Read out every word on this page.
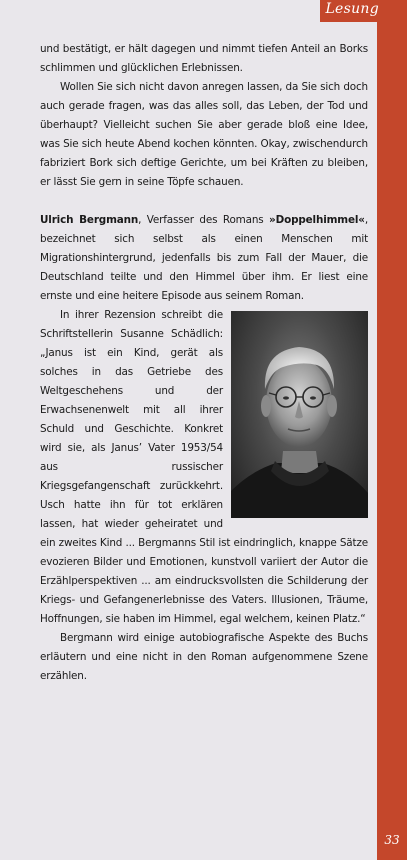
Lesung

und bestätigt, er hält dagegen und nimmt tiefen Anteil an Borks schlimmen und glücklichen Erlebnissen.

Wollen Sie sich nicht davon anregen lassen, da Sie sich doch auch gerade fragen, was das alles soll, das Leben, der Tod und überhaupt? Vielleicht suchen Sie aber gerade bloß eine Idee, was Sie sich heute Abend kochen könnten. Okay, zwischendurch fabriziert Bork sich deftige Gerichte, um bei Kräften zu bleiben, er lässt Sie gern in seine Töpfe schauen.

Ulrich Bergmann, Verfasser des Romans »Doppelhimmel«, bezeichnet sich selbst als einen Menschen mit Migrationshintergrund, jedenfalls bis zum Fall der Mauer, die Deutschland teilte und den Himmel über ihm. Er liest eine ernste und eine heitere Episode aus seinem Roman.

In ihrer Rezension schreibt die Schriftstellerin Susanne Schädlich: „Janus ist ein Kind, gerät als solches in das Getriebe des Weltgeschehens und der Erwachsenenwelt mit all ihrer Schuld und Geschichte. Konkret wird sie, als Janus’ Vater 1953/54 aus russischer Kriegsgefangenschaft zurückkehrt. Usch hatte ihn für tot erklären lassen, hat wieder geheiratet und ein zweites Kind ... Bergmanns Stil ist eindringlich, knappe Sätze evozieren Bilder und Emotionen, kunstvoll variiert der Autor die Erzählperspektiven ... am eindrucksvollsten die Schilderung der Kriegs- und Gefangenerlebnisse des Vaters. Illusionen, Träume, Hoffnungen, sie haben im Himmel, egal welchem, keinen Platz.“

Bergmann wird einige autobiografische Aspekte des Buchs erläutern und eine nicht in den Roman aufgenommene Szene erzählen.

33
